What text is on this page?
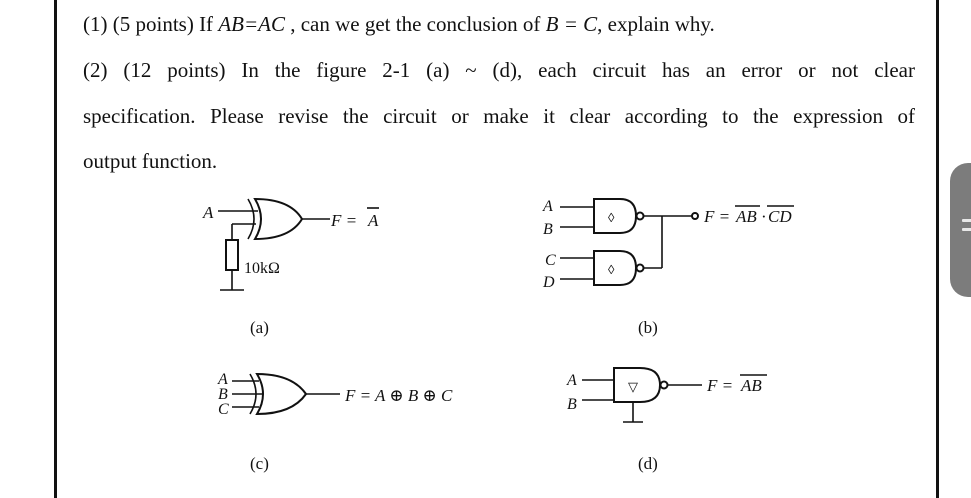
(1) (5 points) If AB=AC , can we get the conclusion of B = C, explain why.
(2) (12 points) In the figure 2-1 (a) ~ (d), each circuit has an error or not clear
specification. Please revise the circuit or make it clear according to the expression of
output function.
A	F = A
10kΩ
(a)
A
B
C
D
◊
◊
F = AB · CD
(b)
A
B
C
F = A ⊕ B ⊕ C
(c)
A
B
▽	F = AB
(d)
